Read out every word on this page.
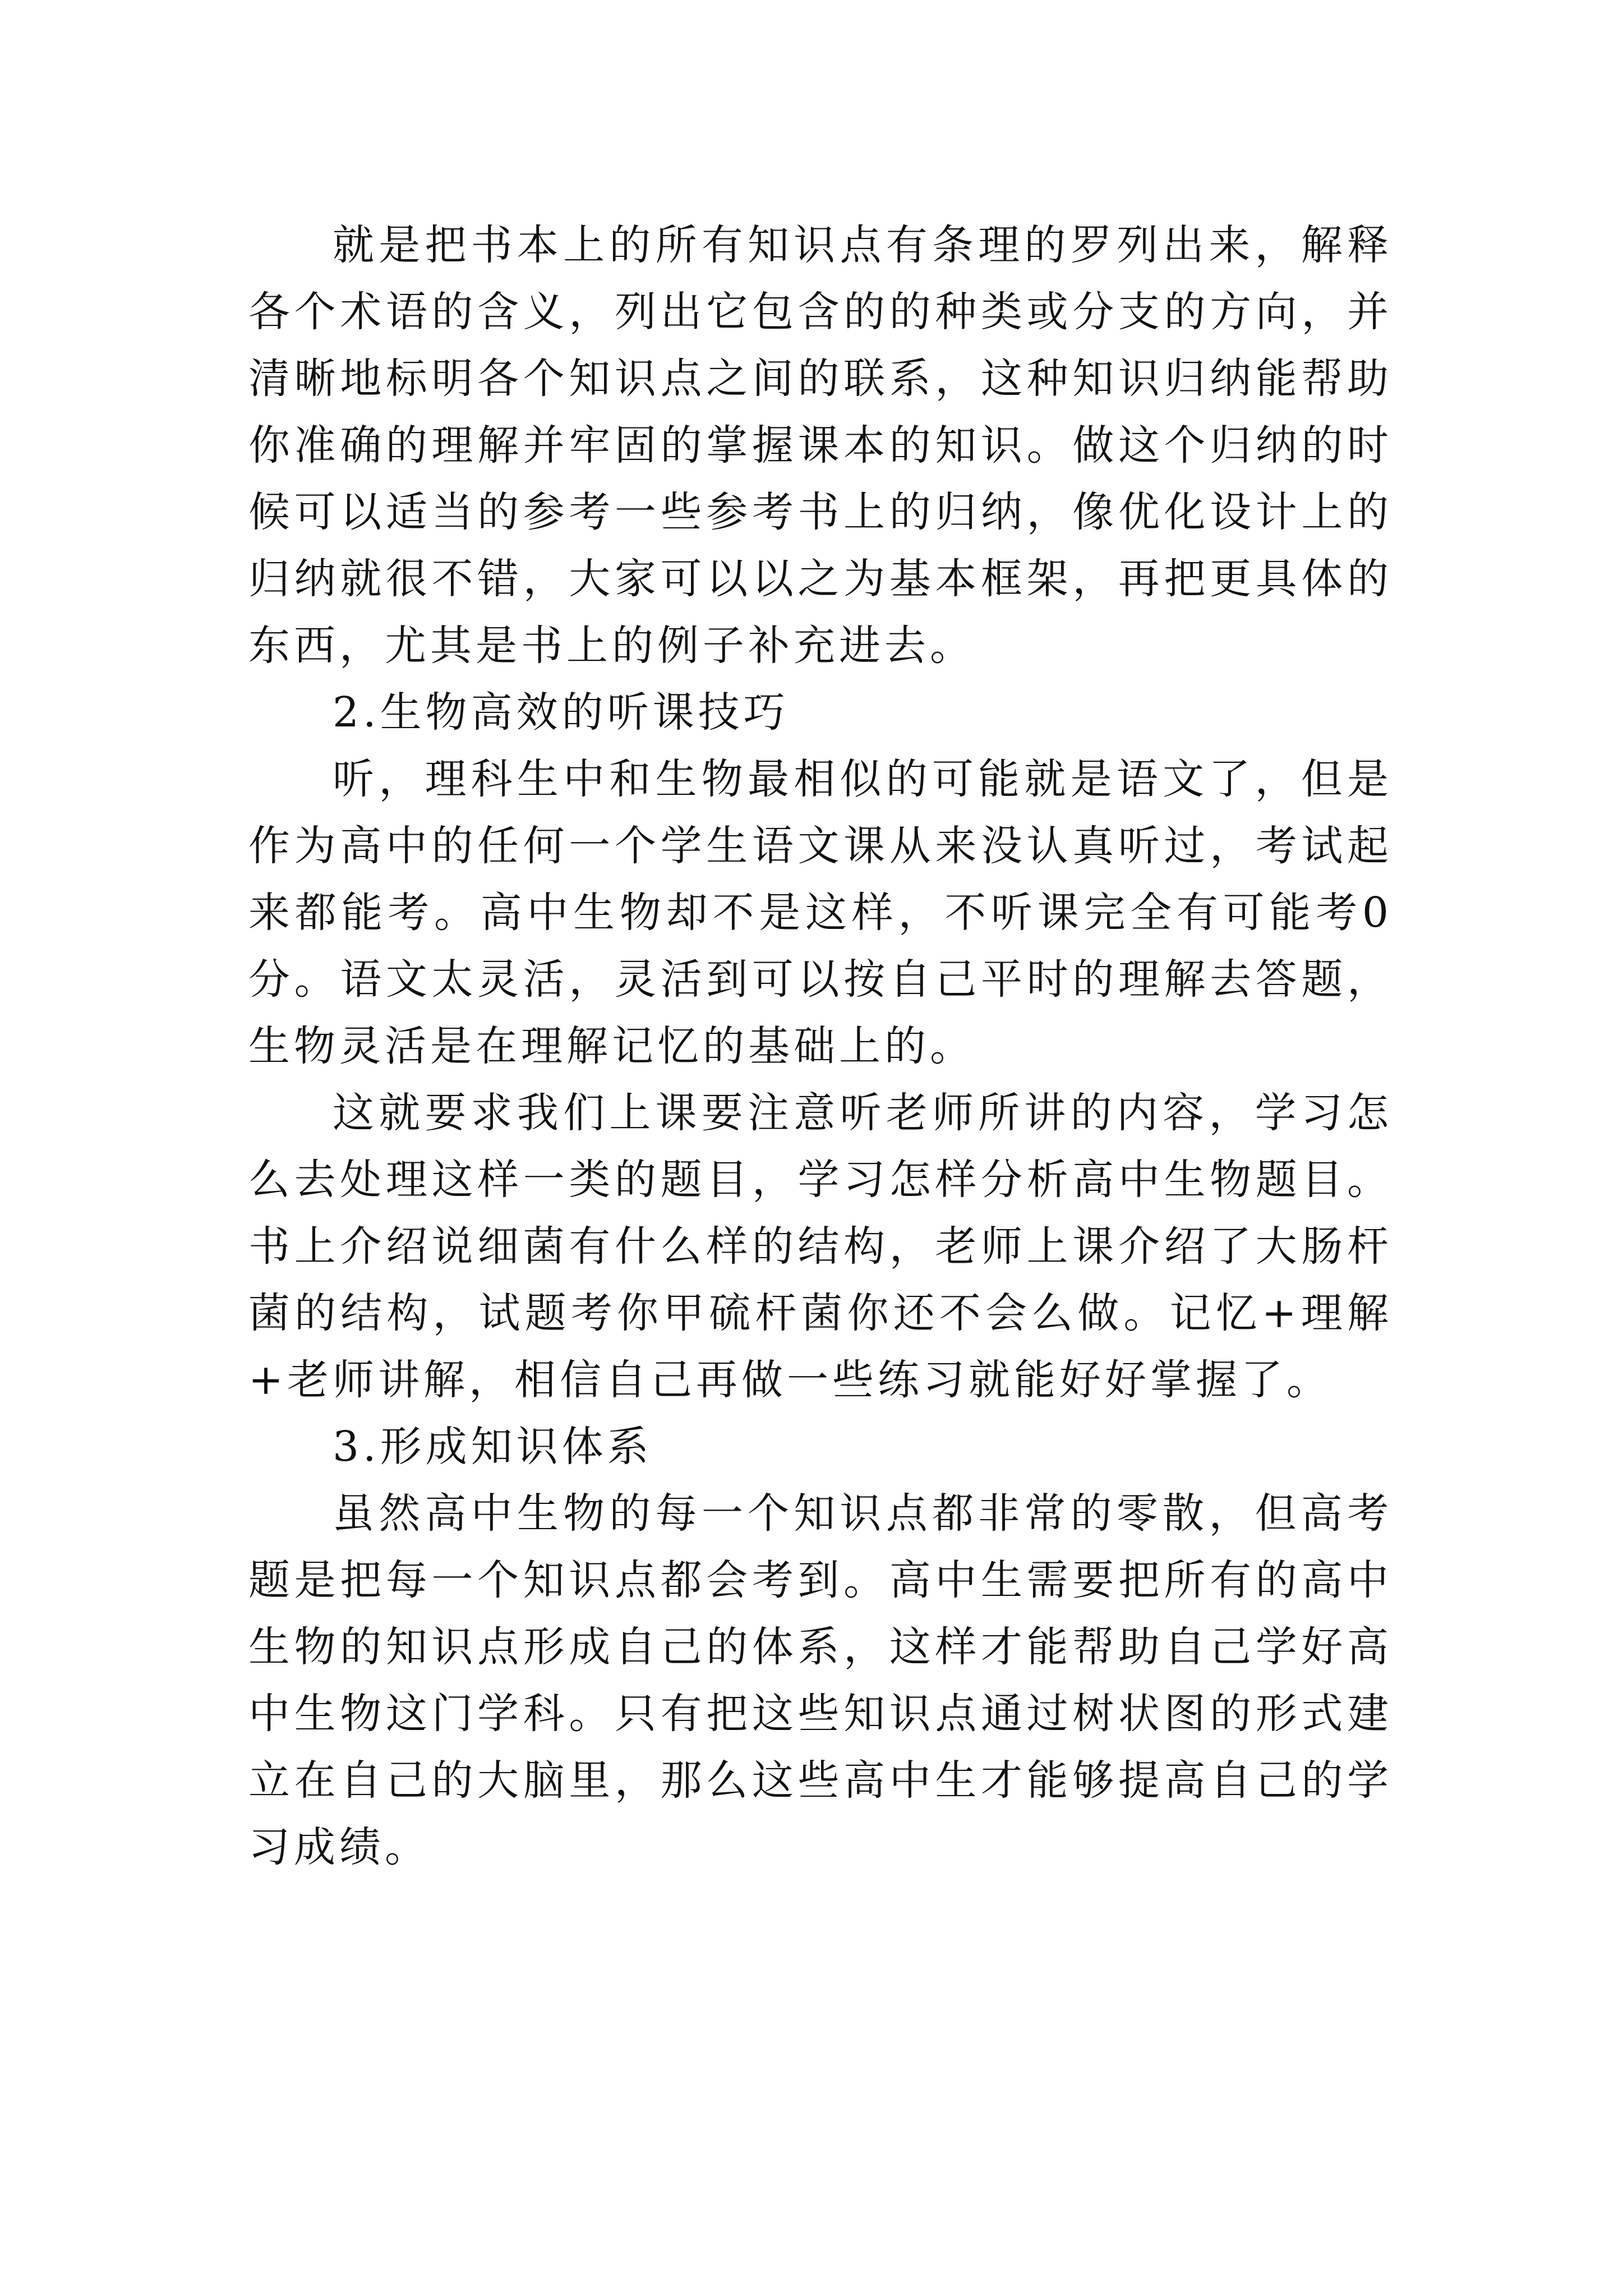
就是把书本上的所有知识点有条理的罗列出来，解释各个术语的含义，列出它包含的的种类或分支的方向，并清晰地标明各个知识点之间的联系，这种知识归纳能帮助你准确的理解并牢固的掌握课本的知识。做这个归纳的时候可以适当的参考一些参考书上的归纳，像优化设计上的归纳就很不错，大家可以以之为基本框架，再把更具体的东西，尤其是书上的例子补充进去。

2.生物高效的听课技巧

听，理科生中和生物最相似的可能就是语文了，但是作为高中的任何一个学生语文课从来没认真听过，考试起来都能考。高中生物却不是这样，不听课完全有可能考0分。语文太灵活，灵活到可以按自己平时的理解去答题，生物灵活是在理解记忆的基础上的。

这就要求我们上课要注意听老师所讲的内容，学习怎么去处理这样一类的题目，学习怎样分析高中生物题目。书上介绍说细菌有什么样的结构，老师上课介绍了大肠杆菌的结构，试题考你甲硫杆菌你还不会么做。记忆+理解+老师讲解，相信自己再做一些练习就能好好掌握了。

3.形成知识体系

虽然高中生物的每一个知识点都非常的零散，但高考题是把每一个知识点都会考到。高中生需要把所有的高中生物的知识点形成自己的体系，这样才能帮助自己学好高中生物这门学科。只有把这些知识点通过树状图的形式建立在自己的大脑里，那么这些高中生才能够提高自己的学习成绩。
